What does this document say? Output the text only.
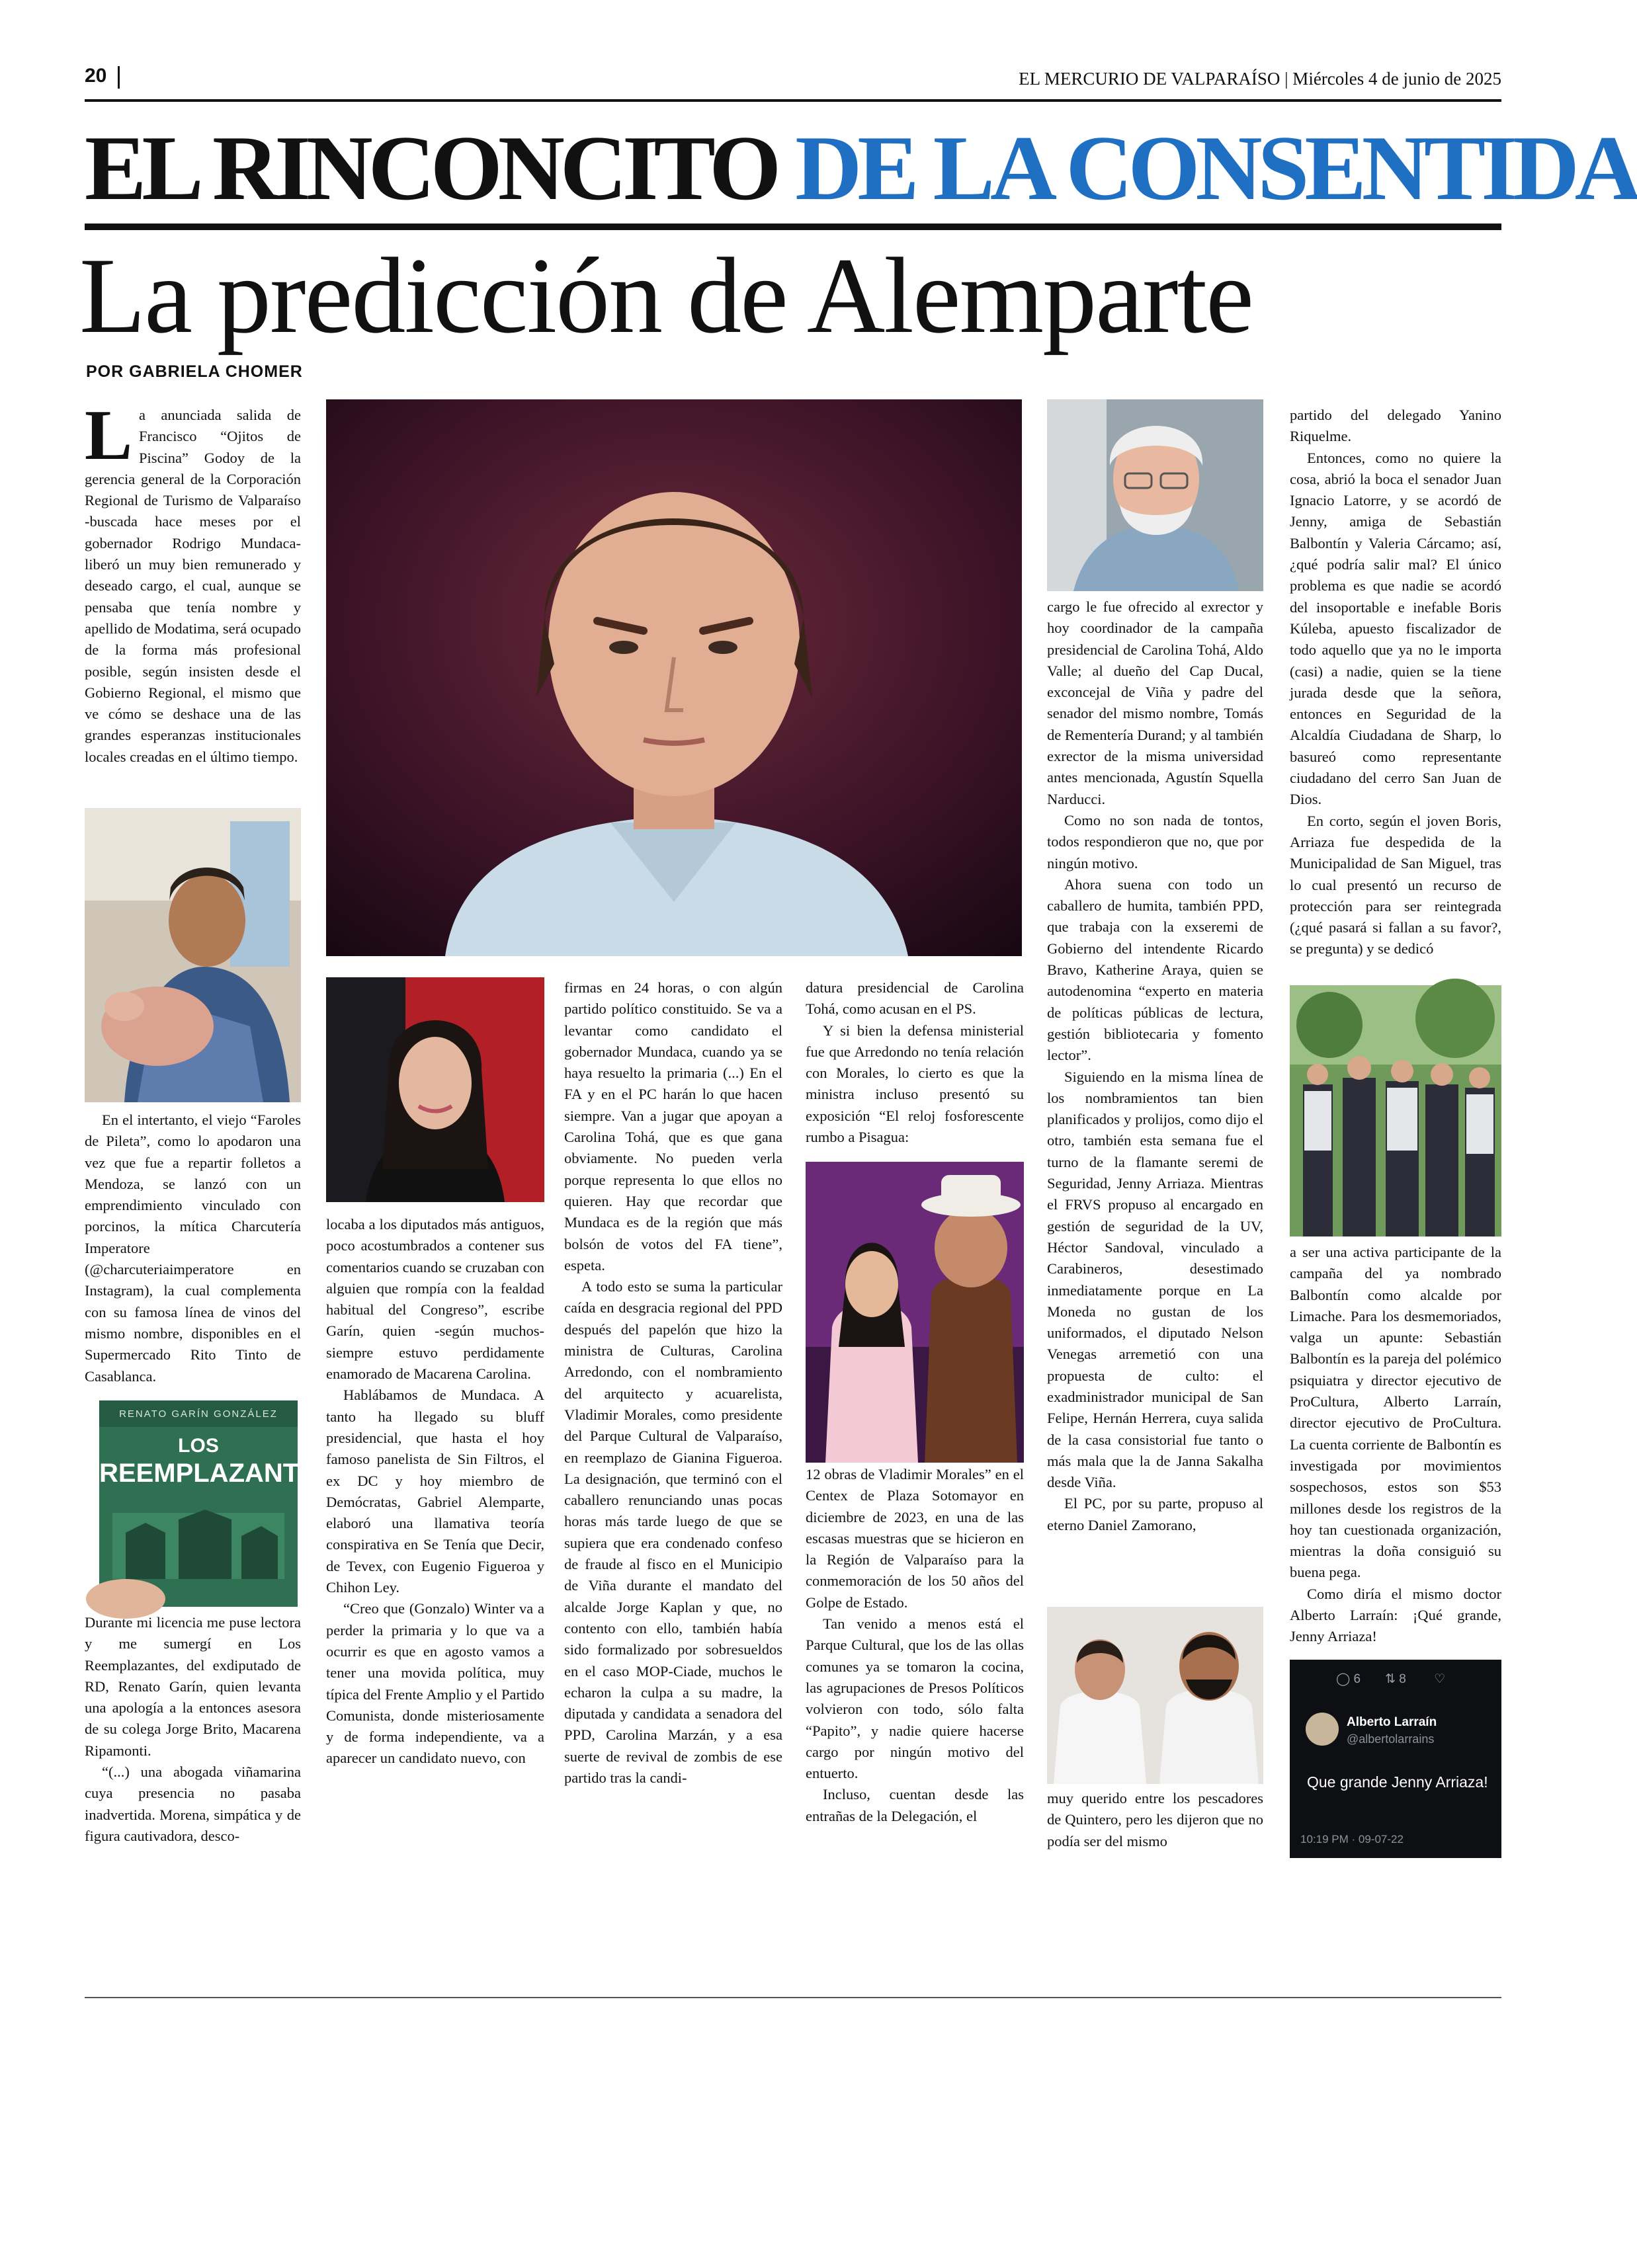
20	EL MERCURIO DE VALPARAÍSO | Miércoles 4 de junio de 2025
EL RINCONCITO DE LA CONSENTIDA
La predicción de Alemparte
POR GABRIELA CHOMER
L a anunciada salida de Francisco “Ojitos de Piscina” Godoy de la gerencia general de la Corporación Regional de Turismo de Valparaíso -buscada hace meses por el gobernador Rodrigo Mundaca- liberó un muy bien remunerado y deseado cargo, el cual, aunque se pensaba que tenía nombre y apellido de Modatima, será ocupado de la forma más profesional posible, según insisten desde el Gobierno Regional, el mismo que ve cómo se deshace una de las grandes esperanzas institucionales locales creadas en el último tiempo.

En el intertanto, el viejo “Faroles de Pileta”, como lo apodaron una vez que fue a repartir folletos a Mendoza, se lanzó con un emprendimiento vinculado con porcinos, la mítica Charcutería Imperatore (@charcuteriaimperatore en Instagram), la cual complementa con su famosa línea de vinos del mismo nombre, disponibles en el Supermercado Rito Tinto de Casablanca.

RENATO GARÍN GONZÁLEZ
LOS
REEMPLAZANTES

Durante mi licencia me puse lectora y me sumergí en Los Reemplazantes, del exdiputado de RD, Renato Garín, quien levanta una apología a la entonces asesora de su colega Jorge Brito, Macarena Ripamonti.

“(...) una abogada viñamarina cuya presencia no pasaba inadvertida. Morena, simpática y de figura cautivadora, desco-

locaba a los diputados más antiguos, poco acostumbrados a contener sus comentarios cuando se cruzaban con alguien que rompía con la fealdad habitual del Congreso”, escribe Garín, quien -según muchos- siempre estuvo perdidamente enamorado de Macarena Carolina.

Hablábamos de Mundaca. A tanto ha llegado su bluff presidencial, que hasta el hoy famoso panelista de Sin Filtros, el ex DC y hoy miembro de Demócratas, Gabriel Alemparte, elaboró una llamativa teoría conspirativa en Se Tenía que Decir, de Tevex, con Eugenio Figueroa y Chihon Ley.

“Creo que (Gonzalo) Winter va a perder la primaria y lo que va a ocurrir es que en agosto vamos a tener una movida política, muy típica del Frente Amplio y el Partido Comunista, donde misteriosamente y de forma independiente, va a aparecer un candidato nuevo, con

firmas en 24 horas, o con algún partido político constituido. Se va a levantar como candidato el gobernador Mundaca, cuando ya se haya resuelto la primaria (...) En el FA y en el PC harán lo que hacen siempre. Van a jugar que apoyan a Carolina Tohá, que es que gana obviamente. No pueden verla porque representa lo que ellos no quieren. Hay que recordar que Mundaca es de la región que más bolsón de votos del FA tiene”, espeta.

A todo esto se suma la particular caída en desgracia regional del PPD después del papelón que hizo la ministra de Culturas, Carolina Arredondo, con el nombramiento del arquitecto y acuarelista, Vladimir Morales, como presidente del Parque Cultural de Valparaíso, en reemplazo de Gianina Figueroa. La designación, que terminó con el caballero renunciando unas pocas horas más tarde luego de que se supiera que era condenado confeso de fraude al fisco en el Municipio de Viña durante el mandato del alcalde Jorge Kaplan y que, no contento con ello, también había sido formalizado por sobresueldos en el caso MOP-Ciade, muchos le echaron la culpa a su madre, la diputada y candidata a senadora del PPD, Carolina Marzán, y a esa suerte de revival de zombis de ese partido tras la candi-

datura presidencial de Carolina Tohá, como acusan en el PS.

Y si bien la defensa ministerial fue que Arredondo no tenía relación con Morales, lo cierto es que la ministra incluso presentó su exposición “El reloj fosforescente rumbo a Pisagua:

12 obras de Vladimir Morales” en el Centex de Plaza Sotomayor en diciembre de 2023, en una de las escasas muestras que se hicieron en la Región de Valparaíso para la conmemoración de los 50 años del Golpe de Estado.

Tan venido a menos está el Parque Cultural, que los de las ollas comunes ya se tomaron la cocina, las agrupaciones de Presos Políticos volvieron con todo, sólo falta “Papito”, y nadie quiere hacerse cargo por ningún motivo del entuerto.

Incluso, cuentan desde las entrañas de la Delegación, el

cargo le fue ofrecido al exrector y hoy coordinador de la campaña presidencial de Carolina Tohá, Aldo Valle; al dueño del Cap Ducal, exconcejal de Viña y padre del senador del mismo nombre, Tomás de Rementería Durand; y al también exrector de la misma universidad antes mencionada, Agustín Squella Narducci.

Como no son nada de tontos, todos respondieron que no, que por ningún motivo.

Ahora suena con todo un caballero de humita, también PPD, que trabaja con la exseremi de Gobierno del intendente Ricardo Bravo, Katherine Araya, quien se autodenomina “experto en materia de políticas públicas de lectura, gestión bibliotecaria y fomento lector”.

Siguiendo en la misma línea de los nombramientos tan bien planificados y prolijos, como dijo el otro, también esta semana fue el turno de la flamante seremi de Seguridad, Jenny Arriaza. Mientras el FRVS propuso al encargado en gestión de seguridad de la UV, Héctor Sandoval, vinculado a Carabineros, desestimado inmediatamente porque en La Moneda no gustan de los uniformados, el diputado Nelson Venegas arremetió con una propuesta de culto: el exadministrador municipal de San Felipe, Hernán Herrera, cuya salida de la casa consistorial fue tanto o más mala que la de Janna Sakalha desde Viña.

El PC, por su parte, propuso al eterno Daniel Zamorano,

muy querido entre los pescadores de Quintero, pero les dijeron que no podía ser del mismo

partido del delegado Yanino Riquelme.

Entonces, como no quiere la cosa, abrió la boca el senador Juan Ignacio Latorre, y se acordó de Jenny, amiga de Sebastián Balbontín y Valeria Cárcamo; así, ¿qué podría salir mal? El único problema es que nadie se acordó del insoportable e inefable Boris Kúleba, apuesto fiscalizador de todo aquello que ya no le importa (casi) a nadie, quien se la tiene jurada desde que la señora, entonces en Seguridad de la Alcaldía Ciudadana de Sharp, lo basureó como representante ciudadano del cerro San Juan de Dios.

En corto, según el joven Boris, Arriaza fue despedida de la Municipalidad de San Miguel, tras lo cual presentó un recurso de protección para ser reintegrada (¿qué pasará si fallan a su favor?, se pregunta) y se dedicó

a ser una activa participante de la campaña del ya nombrado Balbontín como alcalde por Limache. Para los desmemoriados, valga un apunte: Sebastián Balbontín es la pareja del polémico psiquiatra y director ejecutivo de ProCultura, Alberto Larraín, director ejecutivo de ProCultura. La cuenta corriente de Balbontín es investigada por movimientos sospechosos, estos son $53 millones desde los registros de la hoy tan cuestionada organización, mientras la doña consiguió su buena pega.

Como diría el mismo doctor Alberto Larraín: ¡Qué grande, Jenny Arriaza!

◯ 6 ⇅ 8 ♡
Alberto Larraín
@albertolarrains
Que grande Jenny Arriaza!
10:19 PM · 09-07-22
